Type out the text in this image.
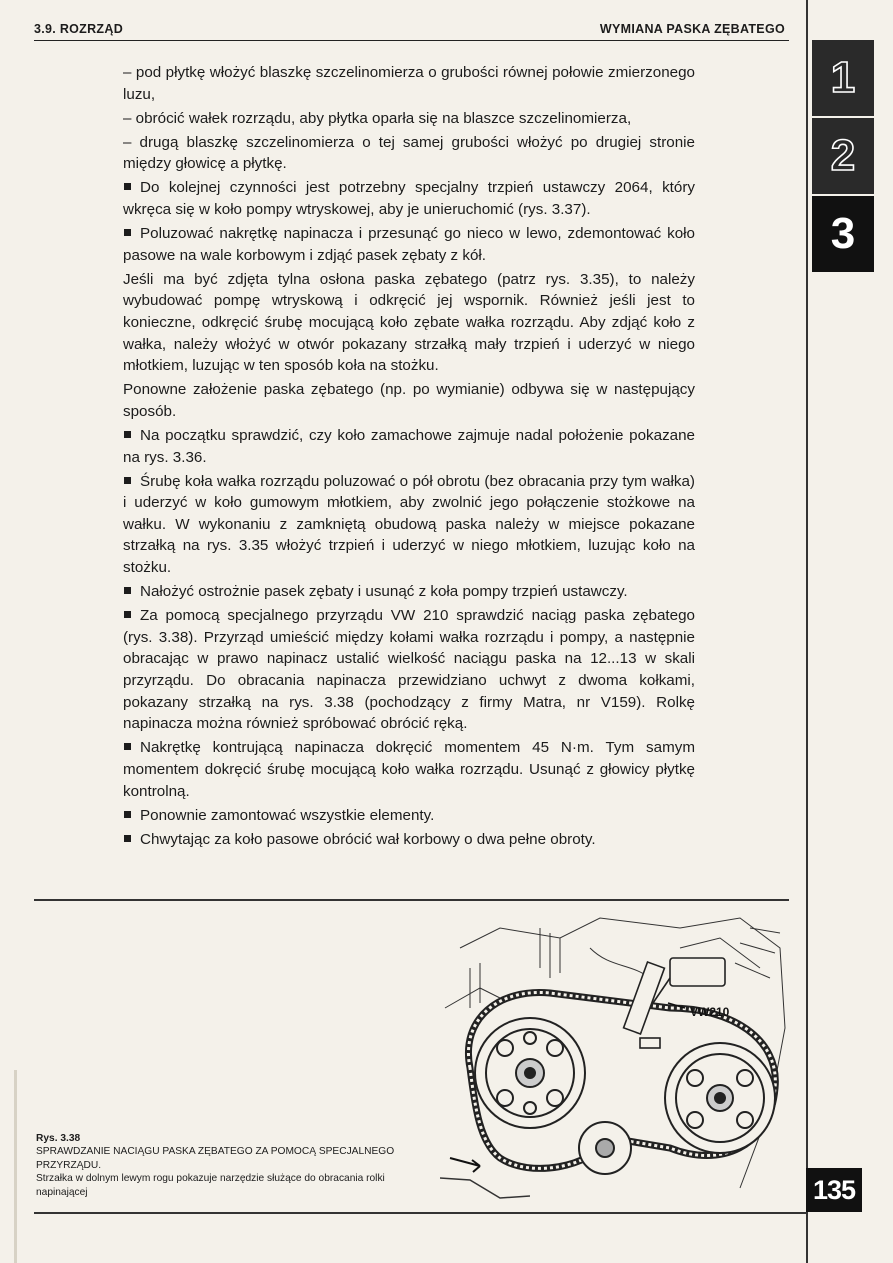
3.9. ROZRZĄD	WYMIANA PASKA ZĘBATEGO
1
2
3

– pod płytkę włożyć blaszkę szczelinomierza o grubości równej połowie zmierzonego luzu,

– obrócić wałek rozrządu, aby płytka oparła się na blaszce szczelinomierza,

– drugą blaszkę szczelinomierza o tej samej grubości włożyć po drugiej stronie między głowicę a płytkę.

Do kolejnej czynności jest potrzebny specjalny trzpień ustawczy 2064, który wkręca się w koło pompy wtryskowej, aby je unieruchomić (rys. 3.37).

Poluzować nakrętkę napinacza i przesunąć go nieco w lewo, zdemontować koło pasowe na wale korbowym i zdjąć pasek zębaty z kół.

Jeśli ma być zdjęta tylna osłona paska zębatego (patrz rys. 3.35), to należy wybudować pompę wtryskową i odkręcić jej wspornik. Również jeśli jest to konieczne, odkręcić śrubę mocującą koło zębate wałka rozrządu. Aby zdjąć koło z wałka, należy włożyć w otwór pokazany strzałką mały trzpień i uderzyć w niego młotkiem, luzując w ten sposób koła na stożku.

Ponowne założenie paska zębatego (np. po wymianie) odbywa się w następujący sposób.

Na początku sprawdzić, czy koło zamachowe zajmuje nadal położenie pokazane na rys. 3.36.

Śrubę koła wałka rozrządu poluzować o pół obrotu (bez obracania przy tym wałka) i uderzyć w koło gumowym młotkiem, aby zwolnić jego połączenie stożkowe na wałku. W wykonaniu z zamkniętą obudową paska należy w miejsce pokazane strzałką na rys. 3.35 włożyć trzpień i uderzyć w niego młotkiem, luzując koło na stożku.

Nałożyć ostrożnie pasek zębaty i usunąć z koła pompy trzpień ustawczy.

Za pomocą specjalnego przyrządu VW 210 sprawdzić naciąg paska zębatego (rys. 3.38). Przyrząd umieścić między kołami wałka rozrządu i pompy, a następnie obracając w prawo napinacz ustalić wielkość naciągu paska na 12...13 w skali przyrządu. Do obracania napinacza przewidziano uchwyt z dwoma kołkami, pokazany strzałką na rys. 3.38 (pochodzący z firmy Matra, nr V159). Rolkę napinacza można również spróbować obrócić ręką.

Nakrętkę kontrującą napinacza dokręcić momentem 45 N·m. Tym samym momentem dokręcić śrubę mocującą koło wałka rozrządu. Usunąć z głowicy płytkę kontrolną.

Ponownie zamontować wszystkie elementy.

Chwytając za koło pasowe obrócić wał korbowy o dwa pełne obroty.

Rys. 3.38
SPRAWDZANIE NACIĄGU PASKA ZĘBATEGO ZA POMOCĄ SPECJALNEGO PRZYRZĄDU.
Strzałka w dolnym lewym rogu pokazuje narzędzie służące do obracania rolki napinającej
VW210
135
